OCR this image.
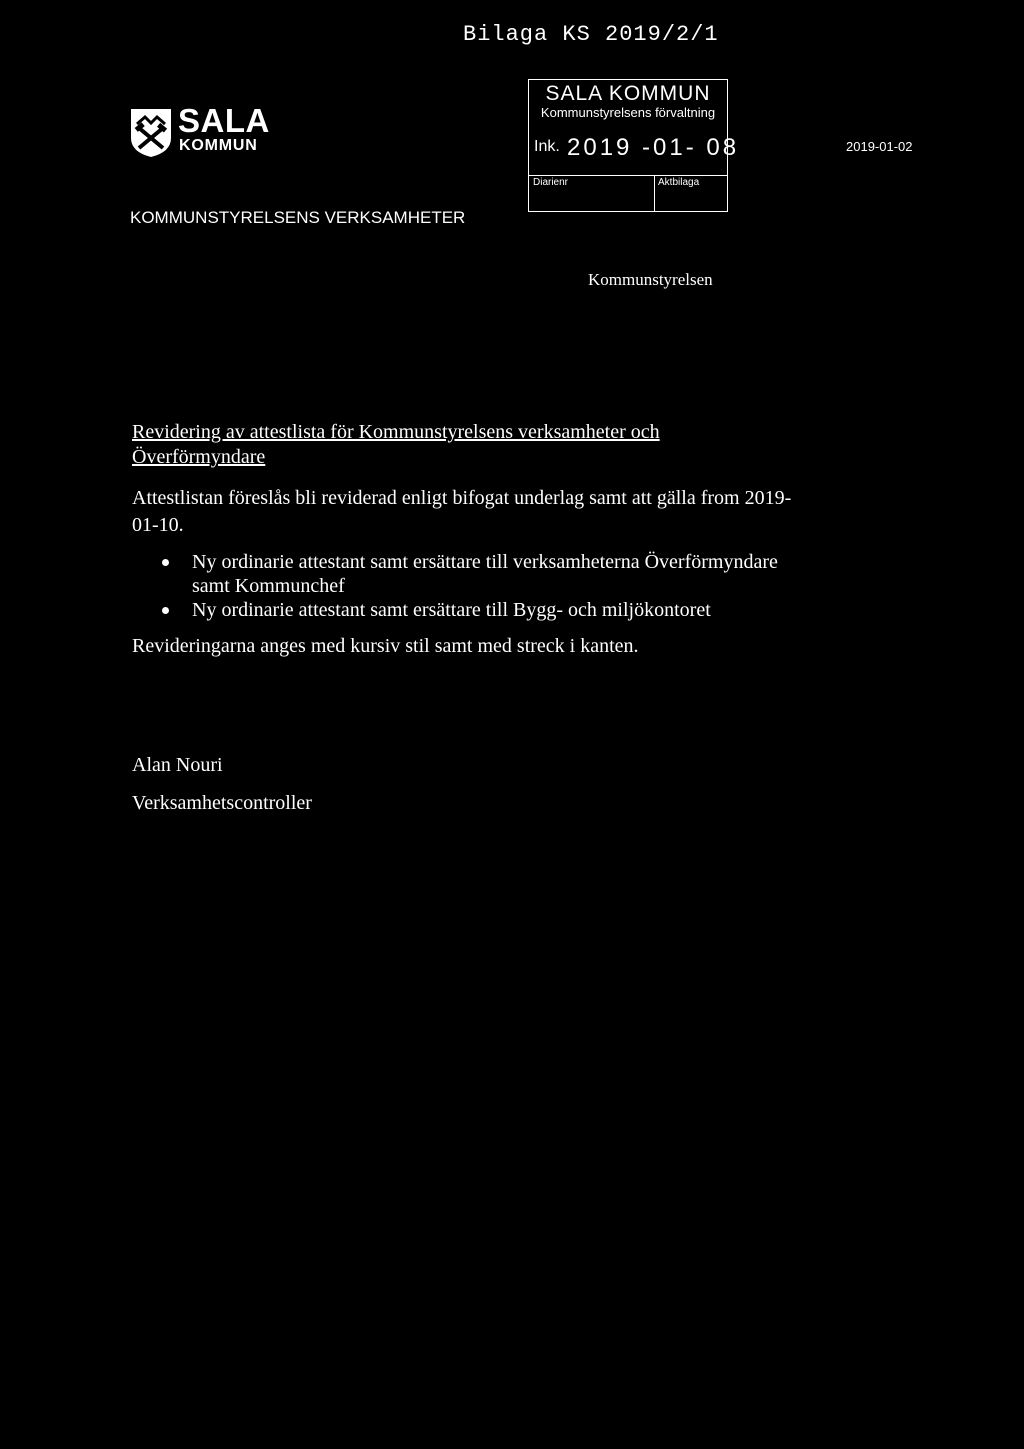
Bilaga KS 2019/2/1
SALA
KOMMUN
KOMMUNSTYRELSENS VERKSAMHETER
SALA KOMMUN
Kommunstyrelsens förvaltning
Ink. 2019 -01- 08
Diarienr	Aktbilaga
2019-01-02
Kommunstyrelsen
Revidering av attestlista för Kommunstyrelsens verksamheter och Överförmyndare
Attestlistan föreslås bli reviderad enligt bifogat underlag samt att gälla from 2019-01-10.
Ny ordinarie attestant samt ersättare till verksamheterna Överförmyndare samt Kommunchef
Ny ordinarie attestant samt ersättare till Bygg- och miljökontoret
Revideringarna anges med kursiv stil samt med streck i kanten.
Alan Nouri
Verksamhetscontroller
